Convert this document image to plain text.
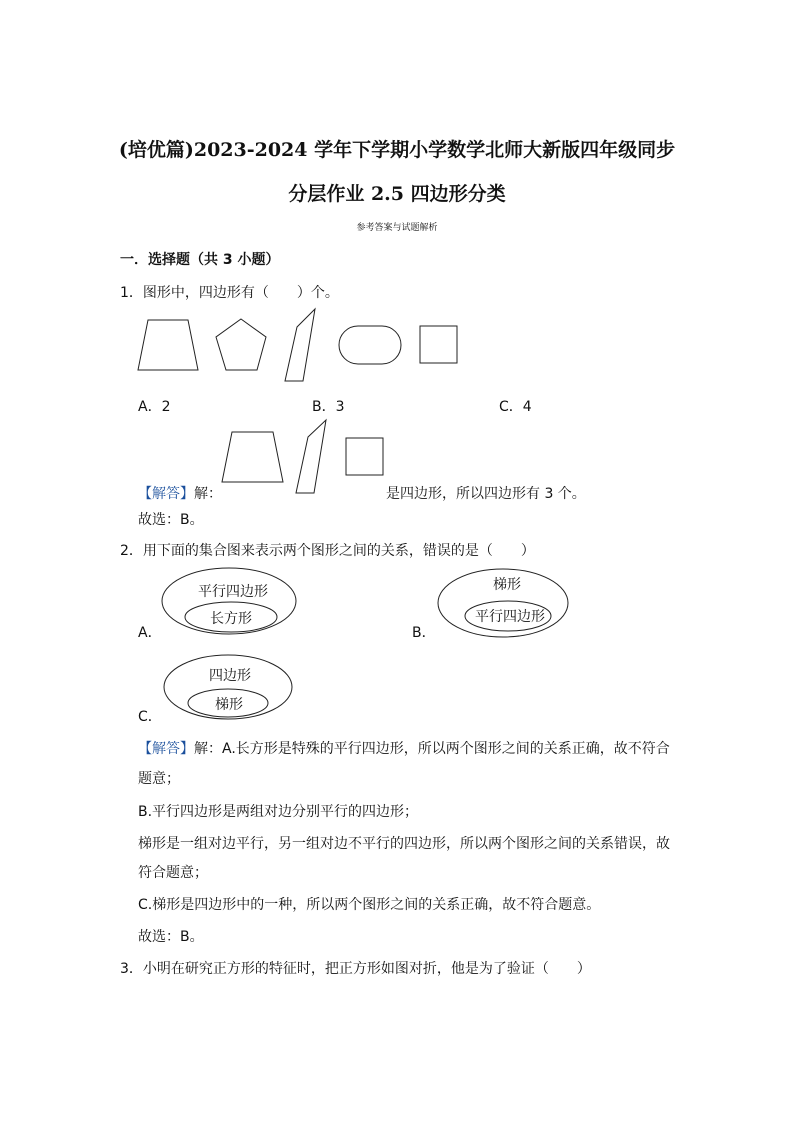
(培优篇)2023-2024 学年下学期小学数学北师大新版四年级同步
分层作业 2.5 四边形分类
参考答案与试题解析
一．选择题（共 3 小题）
1．图形中，四边形有（　　）个。
A．2	B．3	C．4
【解答】解：	是四边形，所以四边形有 3 个。
故选：B。
2．用下面的集合图来表示两个图形之间的关系，错误的是（　　）
平行四边形
长方形
梯形
平行四边形
四边形
梯形
A．	B．
C．
【解答】解：A.长方形是特殊的平行四边形，所以两个图形之间的关系正确，故不符合
题意；
B.平行四边形是两组对边分别平行的四边形；
梯形是一组对边平行，另一组对边不平行的四边形，所以两个图形之间的关系错误，故
符合题意；
C.梯形是四边形中的一种，所以两个图形之间的关系正确，故不符合题意。
故选：B。
3．小明在研究正方形的特征时，把正方形如图对折，他是为了验证（　　）
